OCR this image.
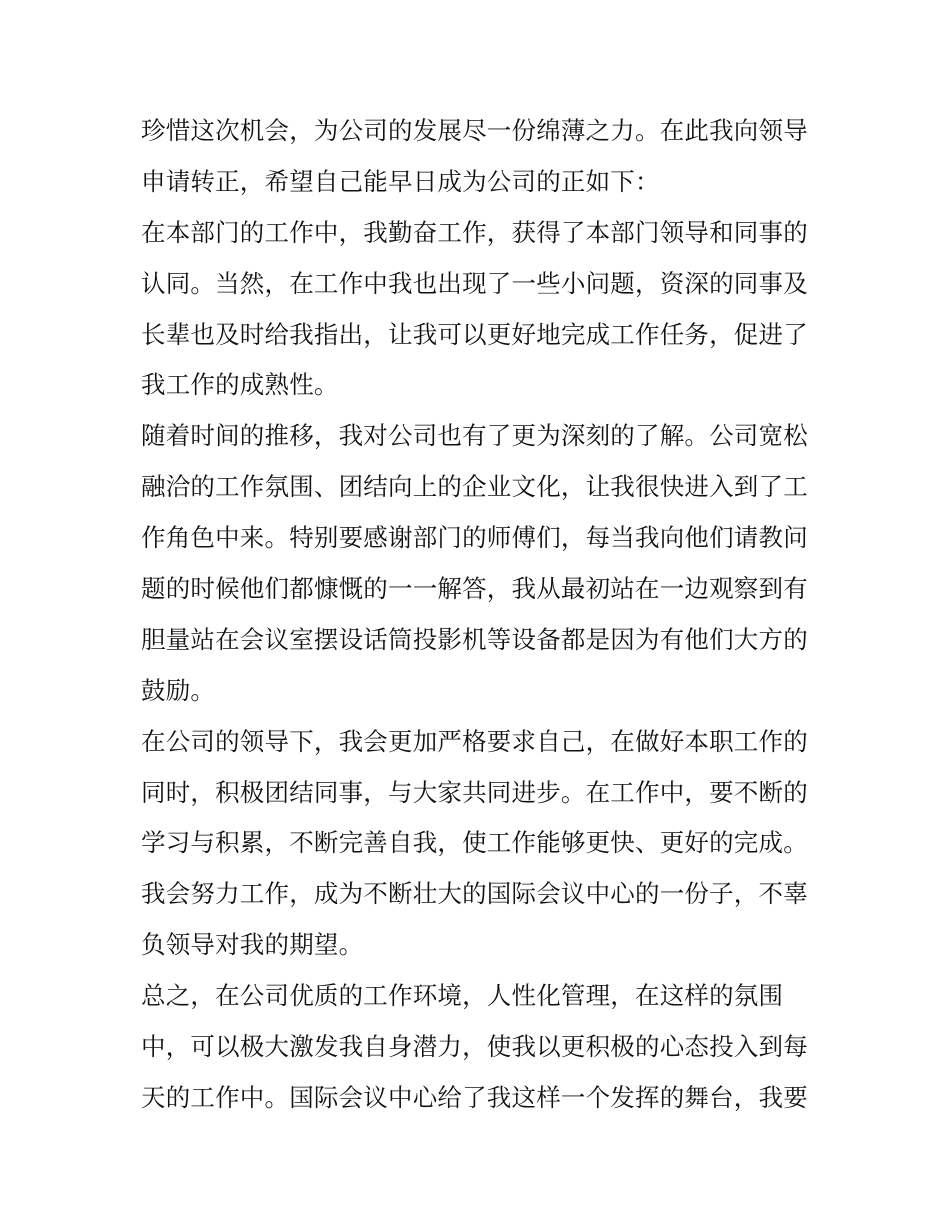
珍惜这次机会，为公司的发展尽一份绵薄之力。在此我向领导
申请转正，希望自己能早日成为公司的正如下：
在本部门的工作中，我勤奋工作，获得了本部门领导和同事的
认同。当然，在工作中我也出现了一些小问题，资深的同事及
长辈也及时给我指出，让我可以更好地完成工作任务，促进了
我工作的成熟性。
随着时间的推移，我对公司也有了更为深刻的了解。公司宽松
融洽的工作氛围、团结向上的企业文化，让我很快进入到了工
作角色中来。特别要感谢部门的师傅们，每当我向他们请教问
题的时候他们都慷慨的一一解答，我从最初站在一边观察到有
胆量站在会议室摆设话筒投影机等设备都是因为有他们大方的
鼓励。
在公司的领导下，我会更加严格要求自己，在做好本职工作的
同时，积极团结同事，与大家共同进步。在工作中，要不断的
学习与积累，不断完善自我，使工作能够更快、更好的完成。
我会努力工作，成为不断壮大的国际会议中心的一份子，不辜
负领导对我的期望。
总之，在公司优质的工作环境，人性化管理，在这样的氛围
中，可以极大激发我自身潜力，使我以更积极的心态投入到每
天的工作中。国际会议中心给了我这样一个发挥的舞台，我要
